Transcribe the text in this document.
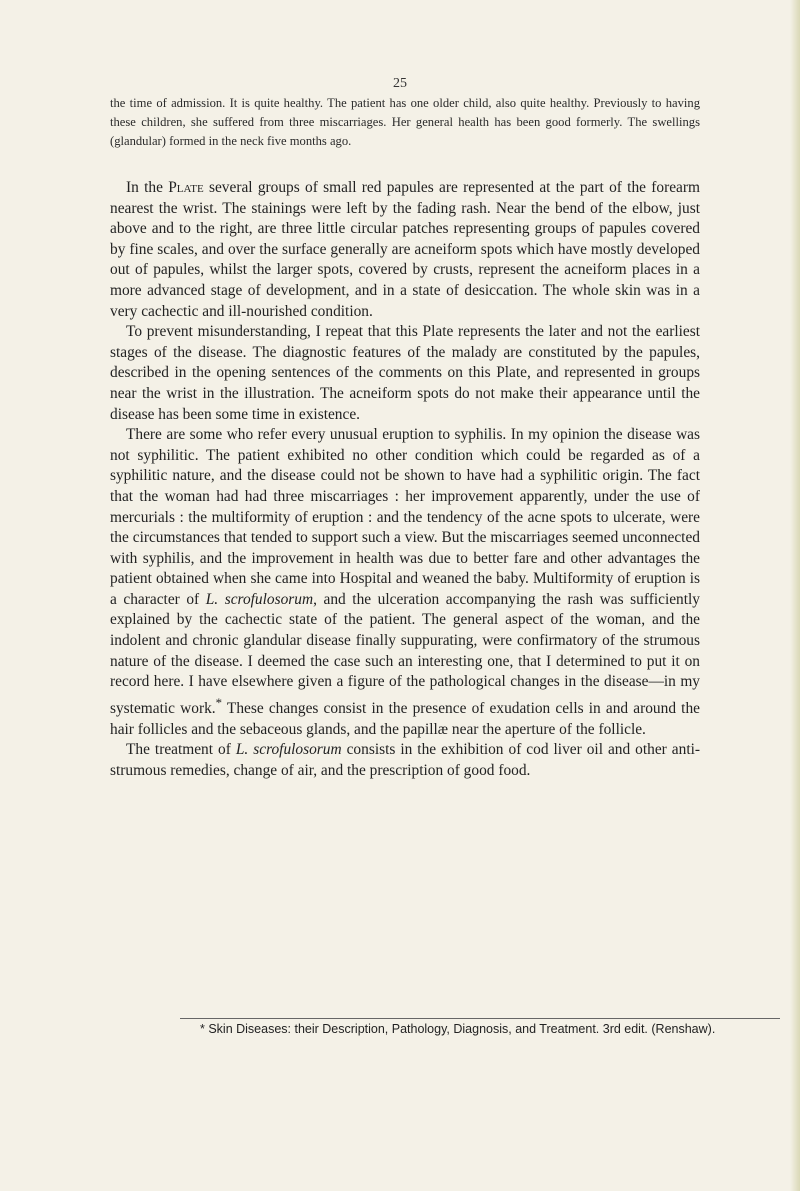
25

the time of admission. It is quite healthy. The patient has one older child, also quite healthy. Previously to having these children, she suffered from three miscarriages. Her general health has been good formerly. The swellings (glandular) formed in the neck five months ago.

In the Plate several groups of small red papules are represented at the part of the forearm nearest the wrist. The stainings were left by the fading rash. Near the bend of the elbow, just above and to the right, are three little circular patches representing groups of papules covered by fine scales, and over the surface generally are acneiform spots which have mostly developed out of papules, whilst the larger spots, covered by crusts, represent the acneiform places in a more advanced stage of development, and in a state of desiccation. The whole skin was in a very cachectic and ill-nourished condition.

To prevent misunderstanding, I repeat that this Plate represents the later and not the earliest stages of the disease. The diagnostic features of the malady are constituted by the papules, described in the opening sentences of the comments on this Plate, and represented in groups near the wrist in the illustration. The acneiform spots do not make their appearance until the disease has been some time in existence.

There are some who refer every unusual eruption to syphilis. In my opinion the disease was not syphilitic. The patient exhibited no other condition which could be regarded as of a syphilitic nature, and the disease could not be shown to have had a syphilitic origin. The fact that the woman had had three miscarriages : her improvement apparently, under the use of mercurials : the multiformity of eruption : and the tendency of the acne spots to ulcerate, were the circumstances that tended to support such a view. But the miscarriages seemed unconnected with syphilis, and the improvement in health was due to better fare and other advantages the patient obtained when she came into Hospital and weaned the baby. Multiformity of eruption is a character of L. scrofulosorum, and the ulceration accompanying the rash was sufficiently explained by the cachectic state of the patient. The general aspect of the woman, and the indolent and chronic glandular disease finally suppurating, were confirmatory of the strumous nature of the disease. I deemed the case such an interesting one, that I determined to put it on record here. I have elsewhere given a figure of the pathological changes in the disease—in my systematic work.* These changes consist in the presence of exudation cells in and around the hair follicles and the sebaceous glands, and the papillæ near the aperture of the follicle.

The treatment of L. scrofulosorum consists in the exhibition of cod liver oil and other anti-strumous remedies, change of air, and the prescription of good food.

* Skin Diseases: their Description, Pathology, Diagnosis, and Treatment. 3rd edit. (Renshaw).
